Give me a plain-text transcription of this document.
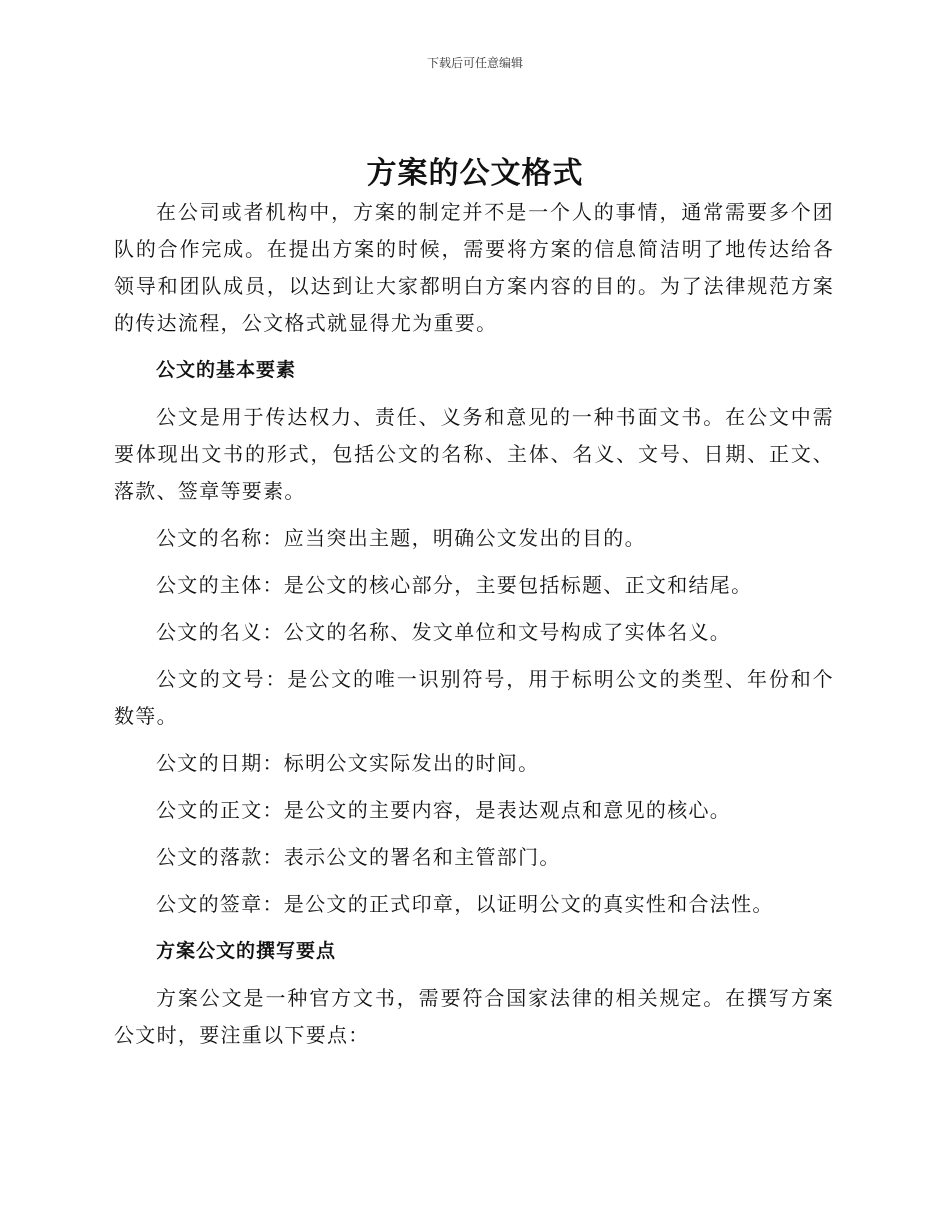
下载后可任意编辑
方案的公文格式

在公司或者机构中，方案的制定并不是一个人的事情，通常需要多个团队的合作完成。在提出方案的时候，需要将方案的信息简洁明了地传达给各领导和团队成员，以达到让大家都明白方案内容的目的。为了法律规范方案的传达流程，公文格式就显得尤为重要。

公文的基本要素

公文是用于传达权力、责任、义务和意见的一种书面文书。在公文中需要体现出文书的形式，包括公文的名称、主体、名义、文号、日期、正文、落款、签章等要素。

公文的名称：应当突出主题，明确公文发出的目的。

公文的主体：是公文的核心部分，主要包括标题、正文和结尾。

公文的名义：公文的名称、发文单位和文号构成了实体名义。

公文的文号：是公文的唯一识别符号，用于标明公文的类型、年份和个数等。

公文的日期：标明公文实际发出的时间。

公文的正文：是公文的主要内容，是表达观点和意见的核心。

公文的落款：表示公文的署名和主管部门。

公文的签章：是公文的正式印章，以证明公文的真实性和合法性。

方案公文的撰写要点

方案公文是一种官方文书，需要符合国家法律的相关规定。在撰写方案公文时，要注重以下要点：
